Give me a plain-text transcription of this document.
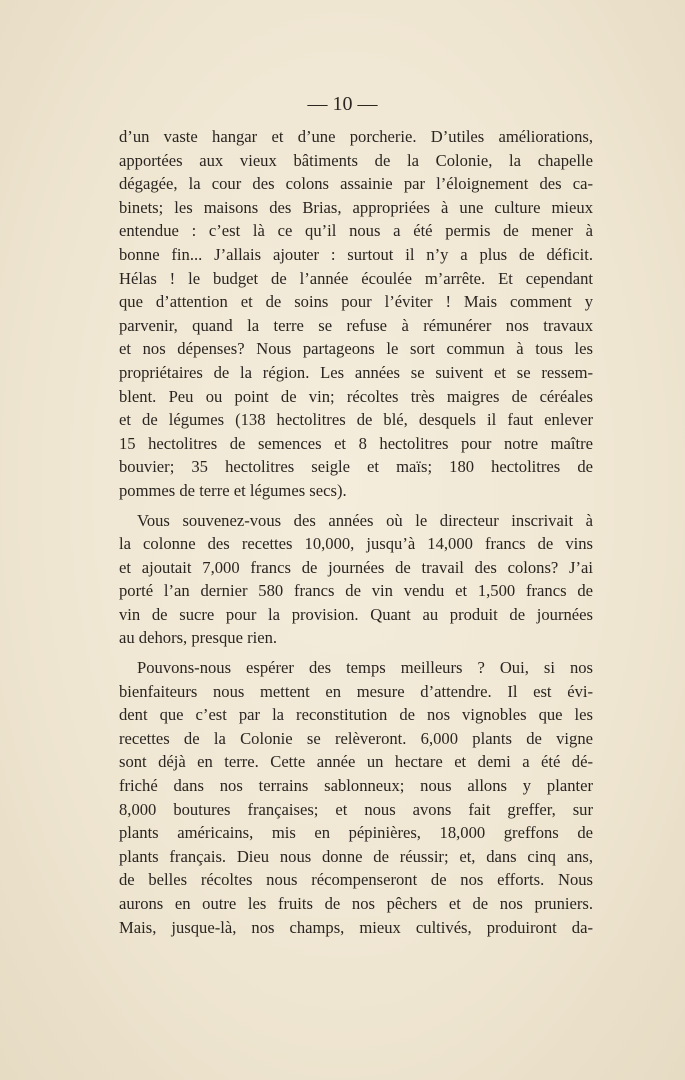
— 10 —

d’un vaste hangar et d’une porcherie. D’utiles améliorations,
apportées aux vieux bâtiments de la Colonie, la chapelle
dégagée, la cour des colons assainie par l’éloignement des ca-
binets; les maisons des Brias, appropriées à une culture mieux
entendue : c’est là ce qu’il nous a été permis de mener à
bonne fin... J’allais ajouter : surtout il n’y a plus de déficit.
Hélas ! le budget de l’année écoulée m’arrête. Et cependant
que d’attention et de soins pour l’éviter ! Mais comment y
parvenir, quand la terre se refuse à rémunérer nos travaux
et nos dépenses? Nous partageons le sort commun à tous les
propriétaires de la région. Les années se suivent et se ressem-
blent. Peu ou point de vin; récoltes très maigres de céréales
et de légumes (138 hectolitres de blé, desquels il faut enlever
15 hectolitres de semences et 8 hectolitres pour notre maître
bouvier; 35 hectolitres seigle et maïs; 180 hectolitres de
pommes de terre et légumes secs).

Vous souvenez-vous des années où le directeur inscrivait à
la colonne des recettes 10,000, jusqu’à 14,000 francs de vins
et ajoutait 7,000 francs de journées de travail des colons? J’ai
porté l’an dernier 580 francs de vin vendu et 1,500 francs de
vin de sucre pour la provision. Quant au produit de journées
au dehors, presque rien.

Pouvons-nous espérer des temps meilleurs ? Oui, si nos
bienfaiteurs nous mettent en mesure d’attendre. Il est évi-
dent que c’est par la reconstitution de nos vignobles que les
recettes de la Colonie se relèveront. 6,000 plants de vigne
sont déjà en terre. Cette année un hectare et demi a été dé-
friché dans nos terrains sablonneux; nous allons y planter
8,000 boutures françaises; et nous avons fait greffer, sur
plants américains, mis en pépinières, 18,000 greffons de
plants français. Dieu nous donne de réussir; et, dans cinq ans,
de belles récoltes nous récompenseront de nos efforts. Nous
aurons en outre les fruits de nos pêchers et de nos pruniers.
Mais, jusque-là, nos champs, mieux cultivés, produiront da-
